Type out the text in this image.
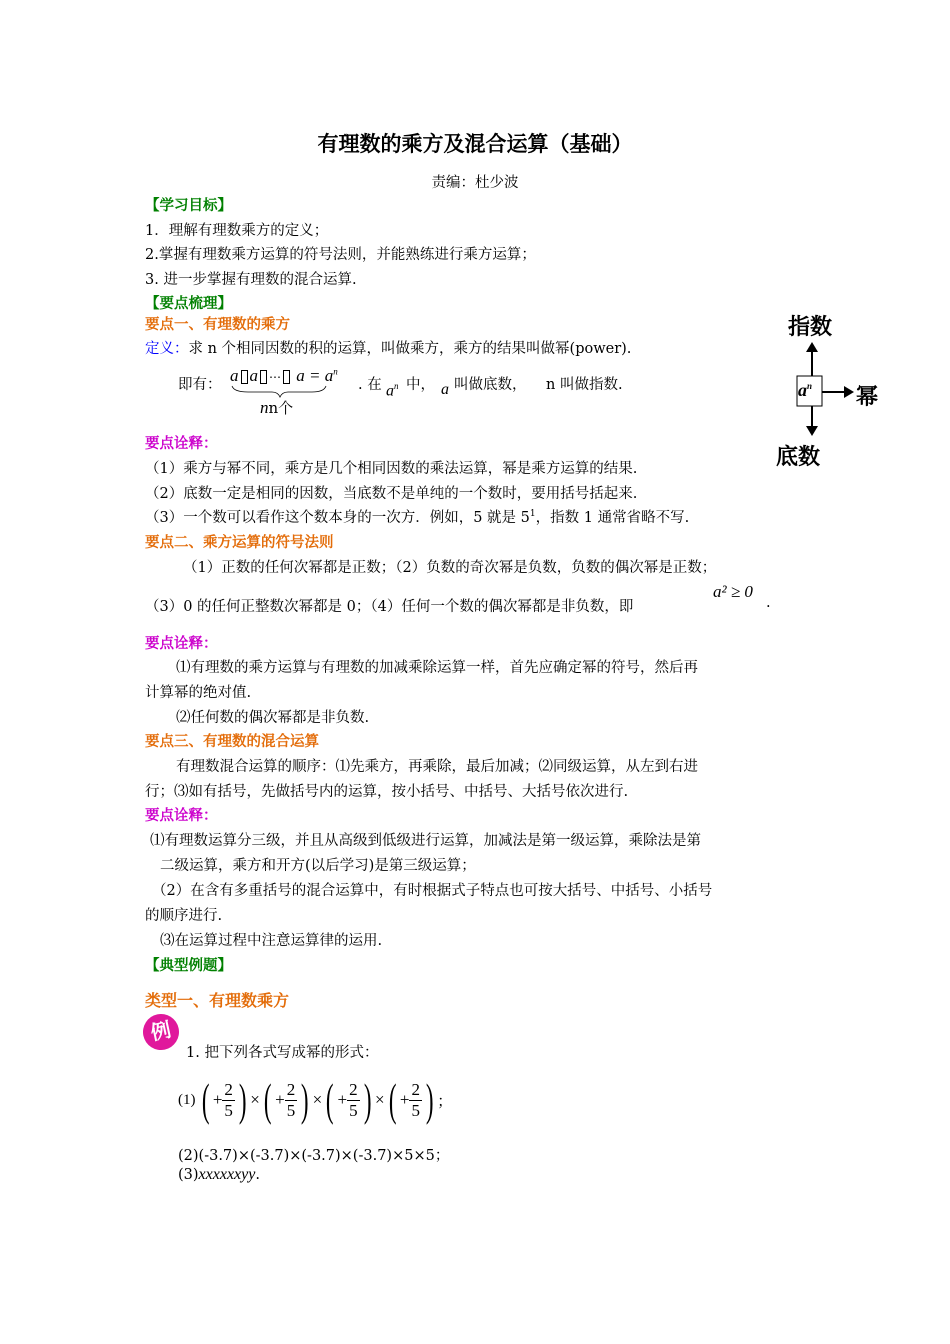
有理数的乘方及混合运算（基础）
责编：杜少波
【学习目标】
1．理解有理数乘方的定义；
2.掌握有理数乘方运算的符号法则，并能熟练进行乘方运算；
3. 进一步掌握有理数的混合运算.
【要点梳理】
要点一、有理数的乘方
定义：求 n 个相同因数的积的运算，叫做乘方，乘方的结果叫做幂(power).
即有： a a ⋯ $a = a^n$
nn个
. 在 $a^n$ 中， a 叫做底数， n 叫做指数.
指数
$a^n$ 幂
底数
要点诠释：
（1）乘方与幂不同，乘方是几个相同因数的乘法运算，幂是乘方运算的结果.
（2）底数一定是相同的因数，当底数不是单纯的一个数时，要用括号括起来.
（3）一个数可以看作这个数本身的一次方．例如，5 就是 $5^1$，指数 1 通常省略不写.
要点二、乘方运算的符号法则
（1）正数的任何次幂都是正数；（2）负数的奇次幂是负数，负数的偶次幂是正数；
（3）0 的任何正整数次幂都是 0；（4）任何一个数的偶次幂都是非负数，即
a² ≥ 0
.
要点诠释：
⑴有理数的乘方运算与有理数的加减乘除运算一样，首先应确定幂的符号，然后再
计算幂的绝对值.
⑵任何数的偶次幂都是非负数.
要点三、有理数的混合运算
有理数混合运算的顺序：⑴先乘方，再乘除，最后加减；⑵同级运算，从左到右进
行；⑶如有括号，先做括号内的运算，按小括号、中括号、大括号依次进行.
要点诠释：
⑴有理数运算分三级，并且从高级到低级进行运算，加减法是第一级运算，乘除法是第
二级运算，乘方和开方(以后学习)是第三级运算；
（2）在含有多重括号的混合运算中，有时根据式子特点也可按大括号、中括号、小括号
的顺序进行.
⑶在运算过程中注意运算律的运用.
【典型例题】
类型一、有理数乘方
例
1. 把下列各式写成幂的形式：
(1) ( + $\frac{2}{5}$ ) × ( + $\frac{2}{5}$ ) × ( + $\frac{2}{5}$ ) × ( + $\frac{2}{5}$ ) ；
(2)(-3.7)×(-3.7)×(-3.7)×(-3.7)×5×5；
(3)xxxxxxyy.
